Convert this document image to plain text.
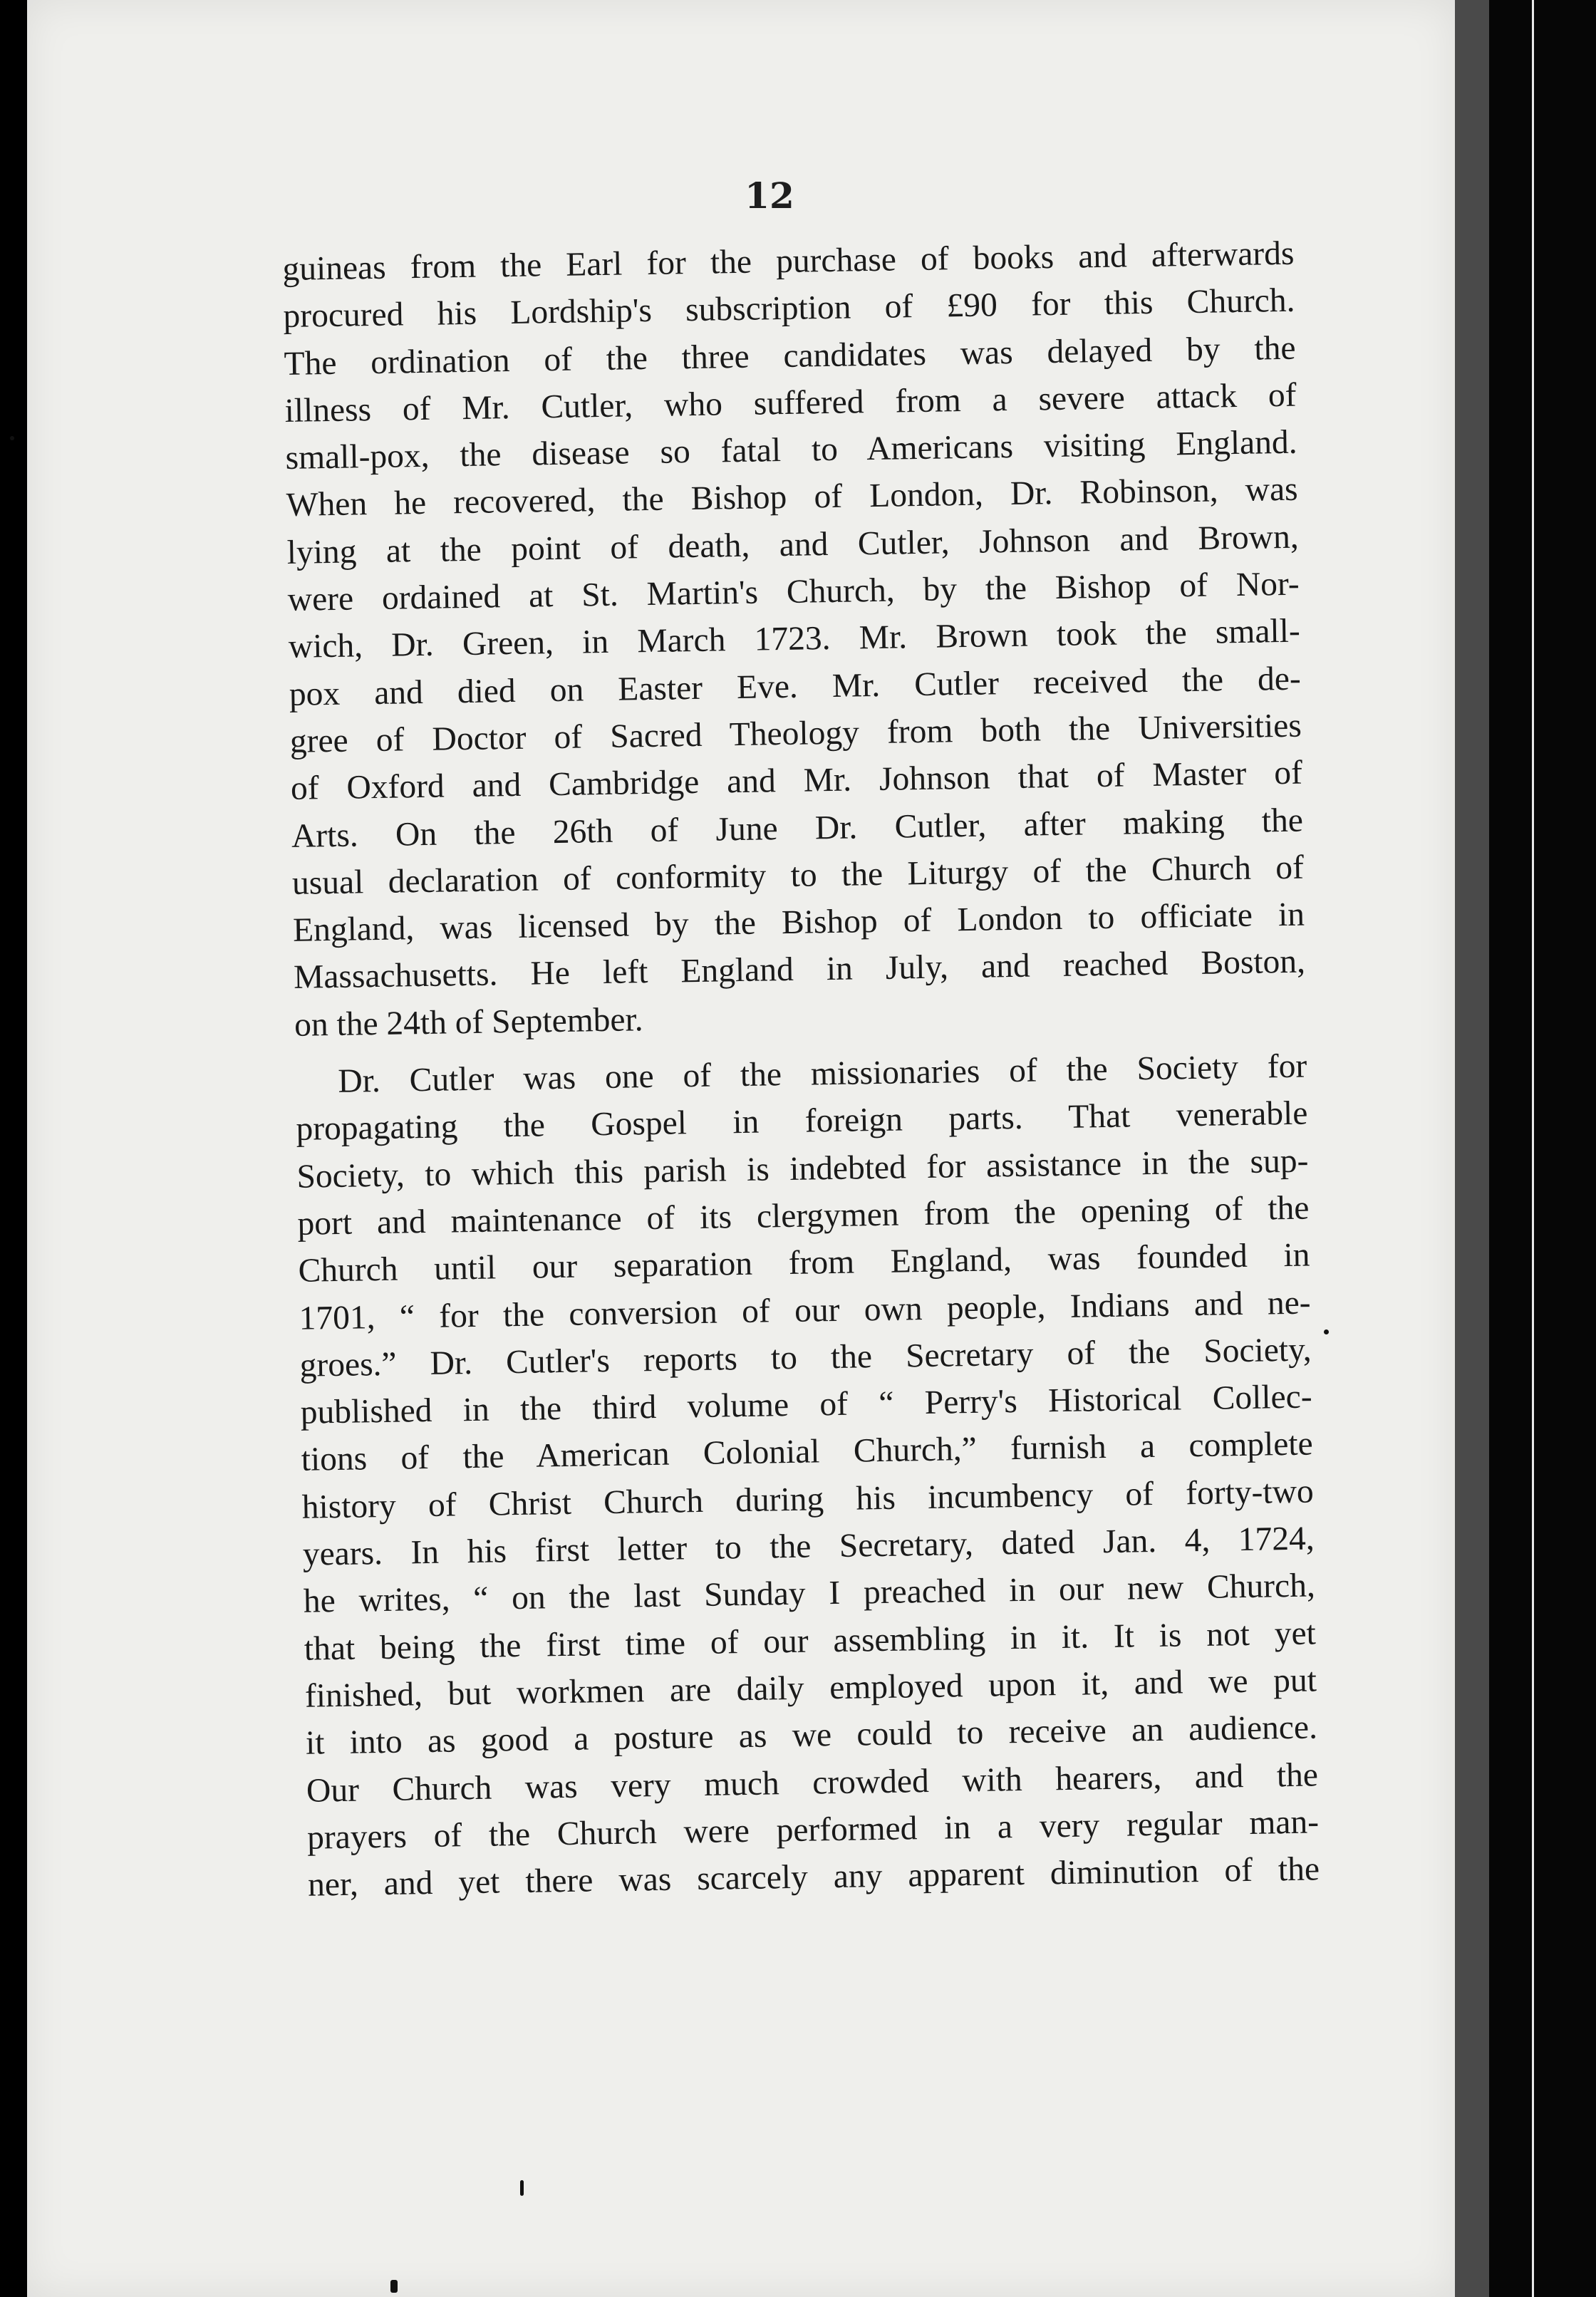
12
guineas from the Earl for the purchase of books and afterwards
procured his Lordship's subscription of £90 for this Church.
The ordination of the three candidates was delayed by the
illness of Mr. Cutler, who suffered from a severe attack of
small-pox, the disease so fatal to Americans visiting England.
When he recovered, the Bishop of London, Dr. Robinson, was
lying at the point of death, and Cutler, Johnson and Brown,
were ordained at St. Martin's Church, by the Bishop of Nor-
wich, Dr. Green, in March 1723. Mr. Brown took the small-
pox and died on Easter Eve. Mr. Cutler received the de-
gree of Doctor of Sacred Theology from both the Universities
of Oxford and Cambridge and Mr. Johnson that of Master of
Arts. On the 26th of June Dr. Cutler, after making the
usual declaration of conformity to the Liturgy of the Church of
England, was licensed by the Bishop of London to officiate in
Massachusetts. He left England in July, and reached Boston,
on the 24th of September.
Dr. Cutler was one of the missionaries of the Society for
propagating the Gospel in foreign parts. That venerable
Society, to which this parish is indebted for assistance in the sup-
port and maintenance of its clergymen from the opening of the
Church until our separation from England, was founded in
1701, “ for the conversion of our own people, Indians and ne-
groes.” Dr. Cutler's reports to the Secretary of the Society,
published in the third volume of “ Perry's Historical Collec-
tions of the American Colonial Church,” furnish a complete
history of Christ Church during his incumbency of forty-two
years. In his first letter to the Secretary, dated Jan. 4, 1724,
he writes, “ on the last Sunday I preached in our new Church,
that being the first time of our assembling in it. It is not yet
finished, but workmen are daily employed upon it, and we put
it into as good a posture as we could to receive an audience.
Our Church was very much crowded with hearers, and the
prayers of the Church were performed in a very regular man-
ner, and yet there was scarcely any apparent diminution of the
